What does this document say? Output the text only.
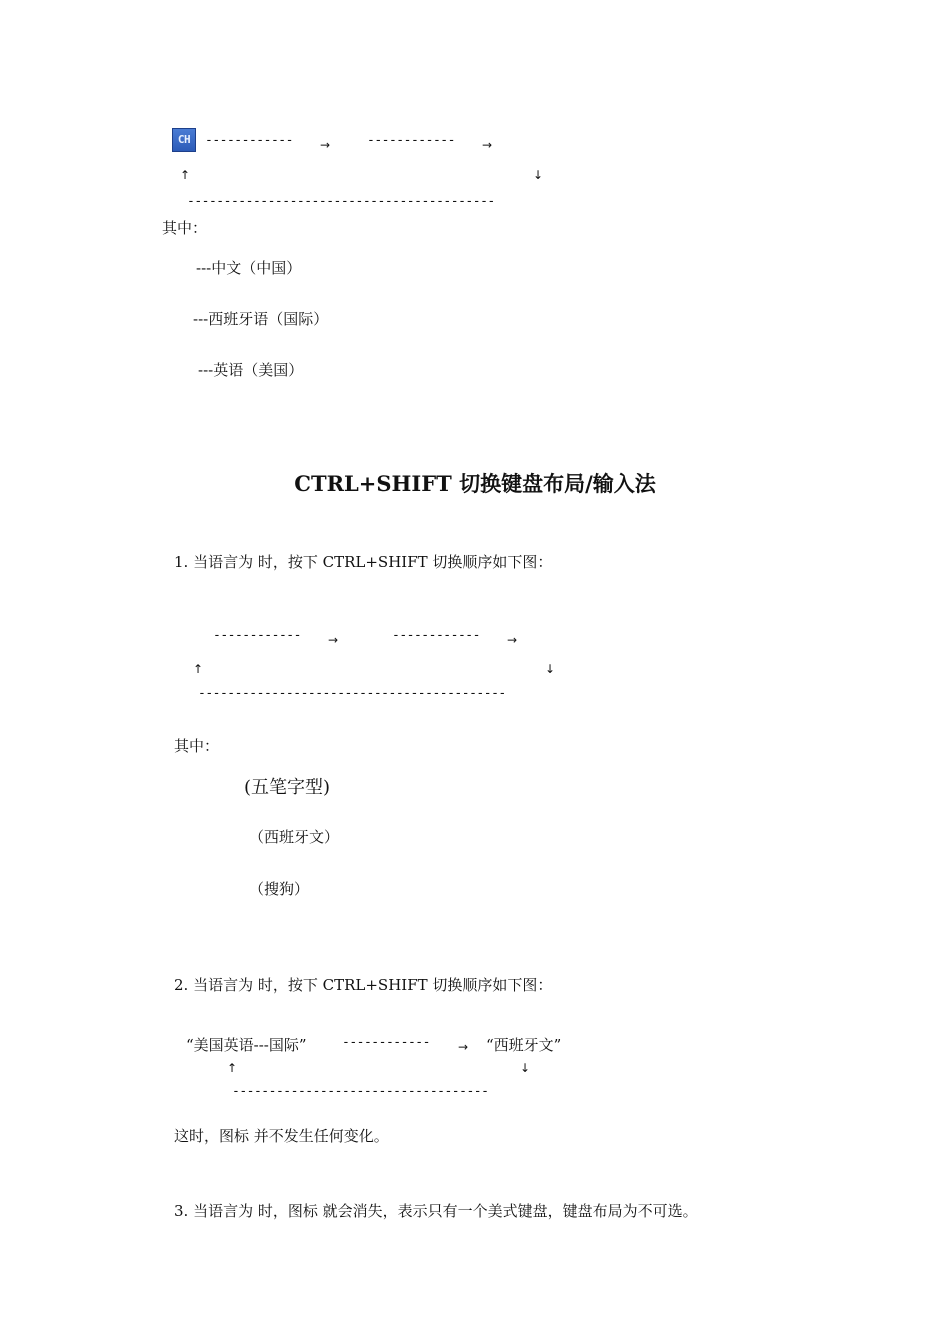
CH	------------ →	------------ →
↑	↓
------------------------------------------
其中：
---中文（中国）
---西班牙语（国际）
---英语（美国）
CTRL+SHIFT 切换键盘布局/输入法
1. 当语言为 时，按下 CTRL+SHIFT 切换顺序如下图：
------------ →	------------ →
↑	↓
------------------------------------------
其中：
(五笔字型)
（西班牙文）
（搜狗）
2. 当语言为 时，按下 CTRL+SHIFT 切换顺序如下图：
“美国英语---国际”	------------ → “西班牙文”
↑	↓
-----------------------------------
这时，图标 并不发生任何变化。
3. 当语言为 时，图标 就会消失，表示只有一个美式键盘，键盘布局为不可选。
